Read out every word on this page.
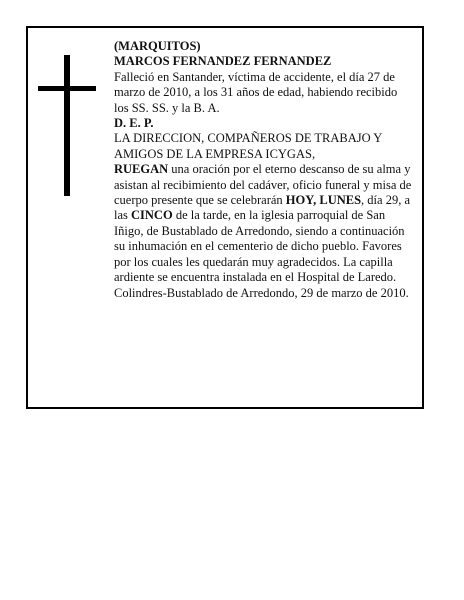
(MARQUITOS)

MARCOS FERNANDEZ FERNANDEZ

Falleció en Santander, víctima de accidente, el día 27 de marzo de 2010, a los 31 años de edad, habiendo recibido los SS. SS. y la B. A.

D. E. P.

LA DIRECCION, COMPAÑEROS DE TRABAJO Y AMIGOS DE LA EMPRESA ICYGAS,

RUEGAN una oración por el eterno descanso de su alma y asistan al recibimiento del cadáver, oficio funeral y misa de cuerpo presente que se celebrarán HOY, LUNES, día 29, a las CINCO de la tarde, en la iglesia parroquial de San Iñigo, de Bustablado de Arredondo, siendo a continuación su inhumación en el cementerio de dicho pueblo. Favores por los cuales les quedarán muy agradecidos. La capilla ardiente se encuentra instalada en el Hospital de Laredo.

Colindres-Bustablado de Arredondo, 29 de marzo de 2010.
